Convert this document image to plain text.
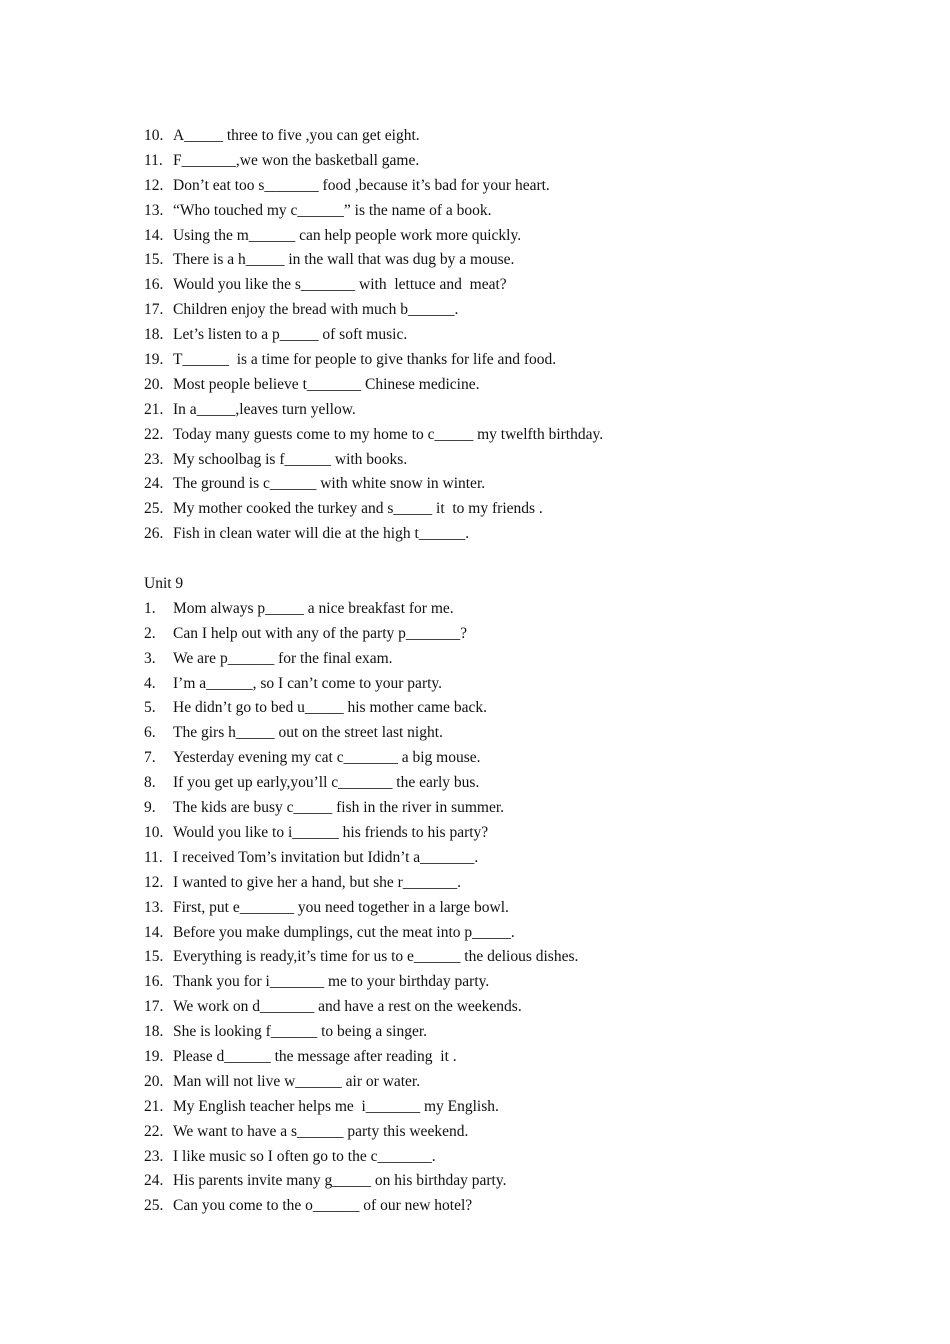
10. A_____ three to five ,you can get eight.
11. F_______,we won the basketball game.
12. Don’t eat too s_______ food ,because it’s bad for your heart.
13. “Who touched my c______” is the name of a book.
14. Using the m______ can help people work more quickly.
15. There is a h_____ in the wall that was dug by a mouse.
16. Would you like the s_______ with  lettuce and  meat?
17. Children enjoy the bread with much b______.
18. Let’s listen to a p_____ of soft music.
19. T______  is a time for people to give thanks for life and food.
20. Most people believe t_______ Chinese medicine.
21. In a_____,leaves turn yellow.
22. Today many guests come to my home to c_____ my twelfth birthday.
23. My schoolbag is f______ with books.
24. The ground is c______ with white snow in winter.
25. My mother cooked the turkey and s_____ it  to my friends .
26. Fish in clean water will die at the high t______.
Unit 9
1. Mom always p_____ a nice breakfast for me.
2. Can I help out with any of the party p_______?
3. We are p______ for the final exam.
4. I’m a______, so I can’t come to your party.
5. He didn’t go to bed u_____ his mother came back.
6. The girs h_____ out on the street last night.
7. Yesterday evening my cat c_______ a big mouse.
8. If you get up early,you’ll c_______ the early bus.
9. The kids are busy c_____ fish in the river in summer.
10. Would you like to i______ his friends to his party?
11. I received Tom’s invitation but Ididn’t a_______.
12. I wanted to give her a hand, but she r_______.
13. First, put e_______ you need together in a large bowl.
14. Before you make dumplings, cut the meat into p_____.
15. Everything is ready,it’s time for us to e______ the delious dishes.
16. Thank you for i_______ me to your birthday party.
17. We work on d_______ and have a rest on the weekends.
18. She is looking f______ to being a singer.
19. Please d______ the message after reading  it .
20. Man will not live w______ air or water.
21. My English teacher helps me  i_______ my English.
22. We want to have a s______ party this weekend.
23. I like music so I often go to the c_______.
24. His parents invite many g_____ on his birthday party.
25. Can you come to the o______ of our new hotel?
